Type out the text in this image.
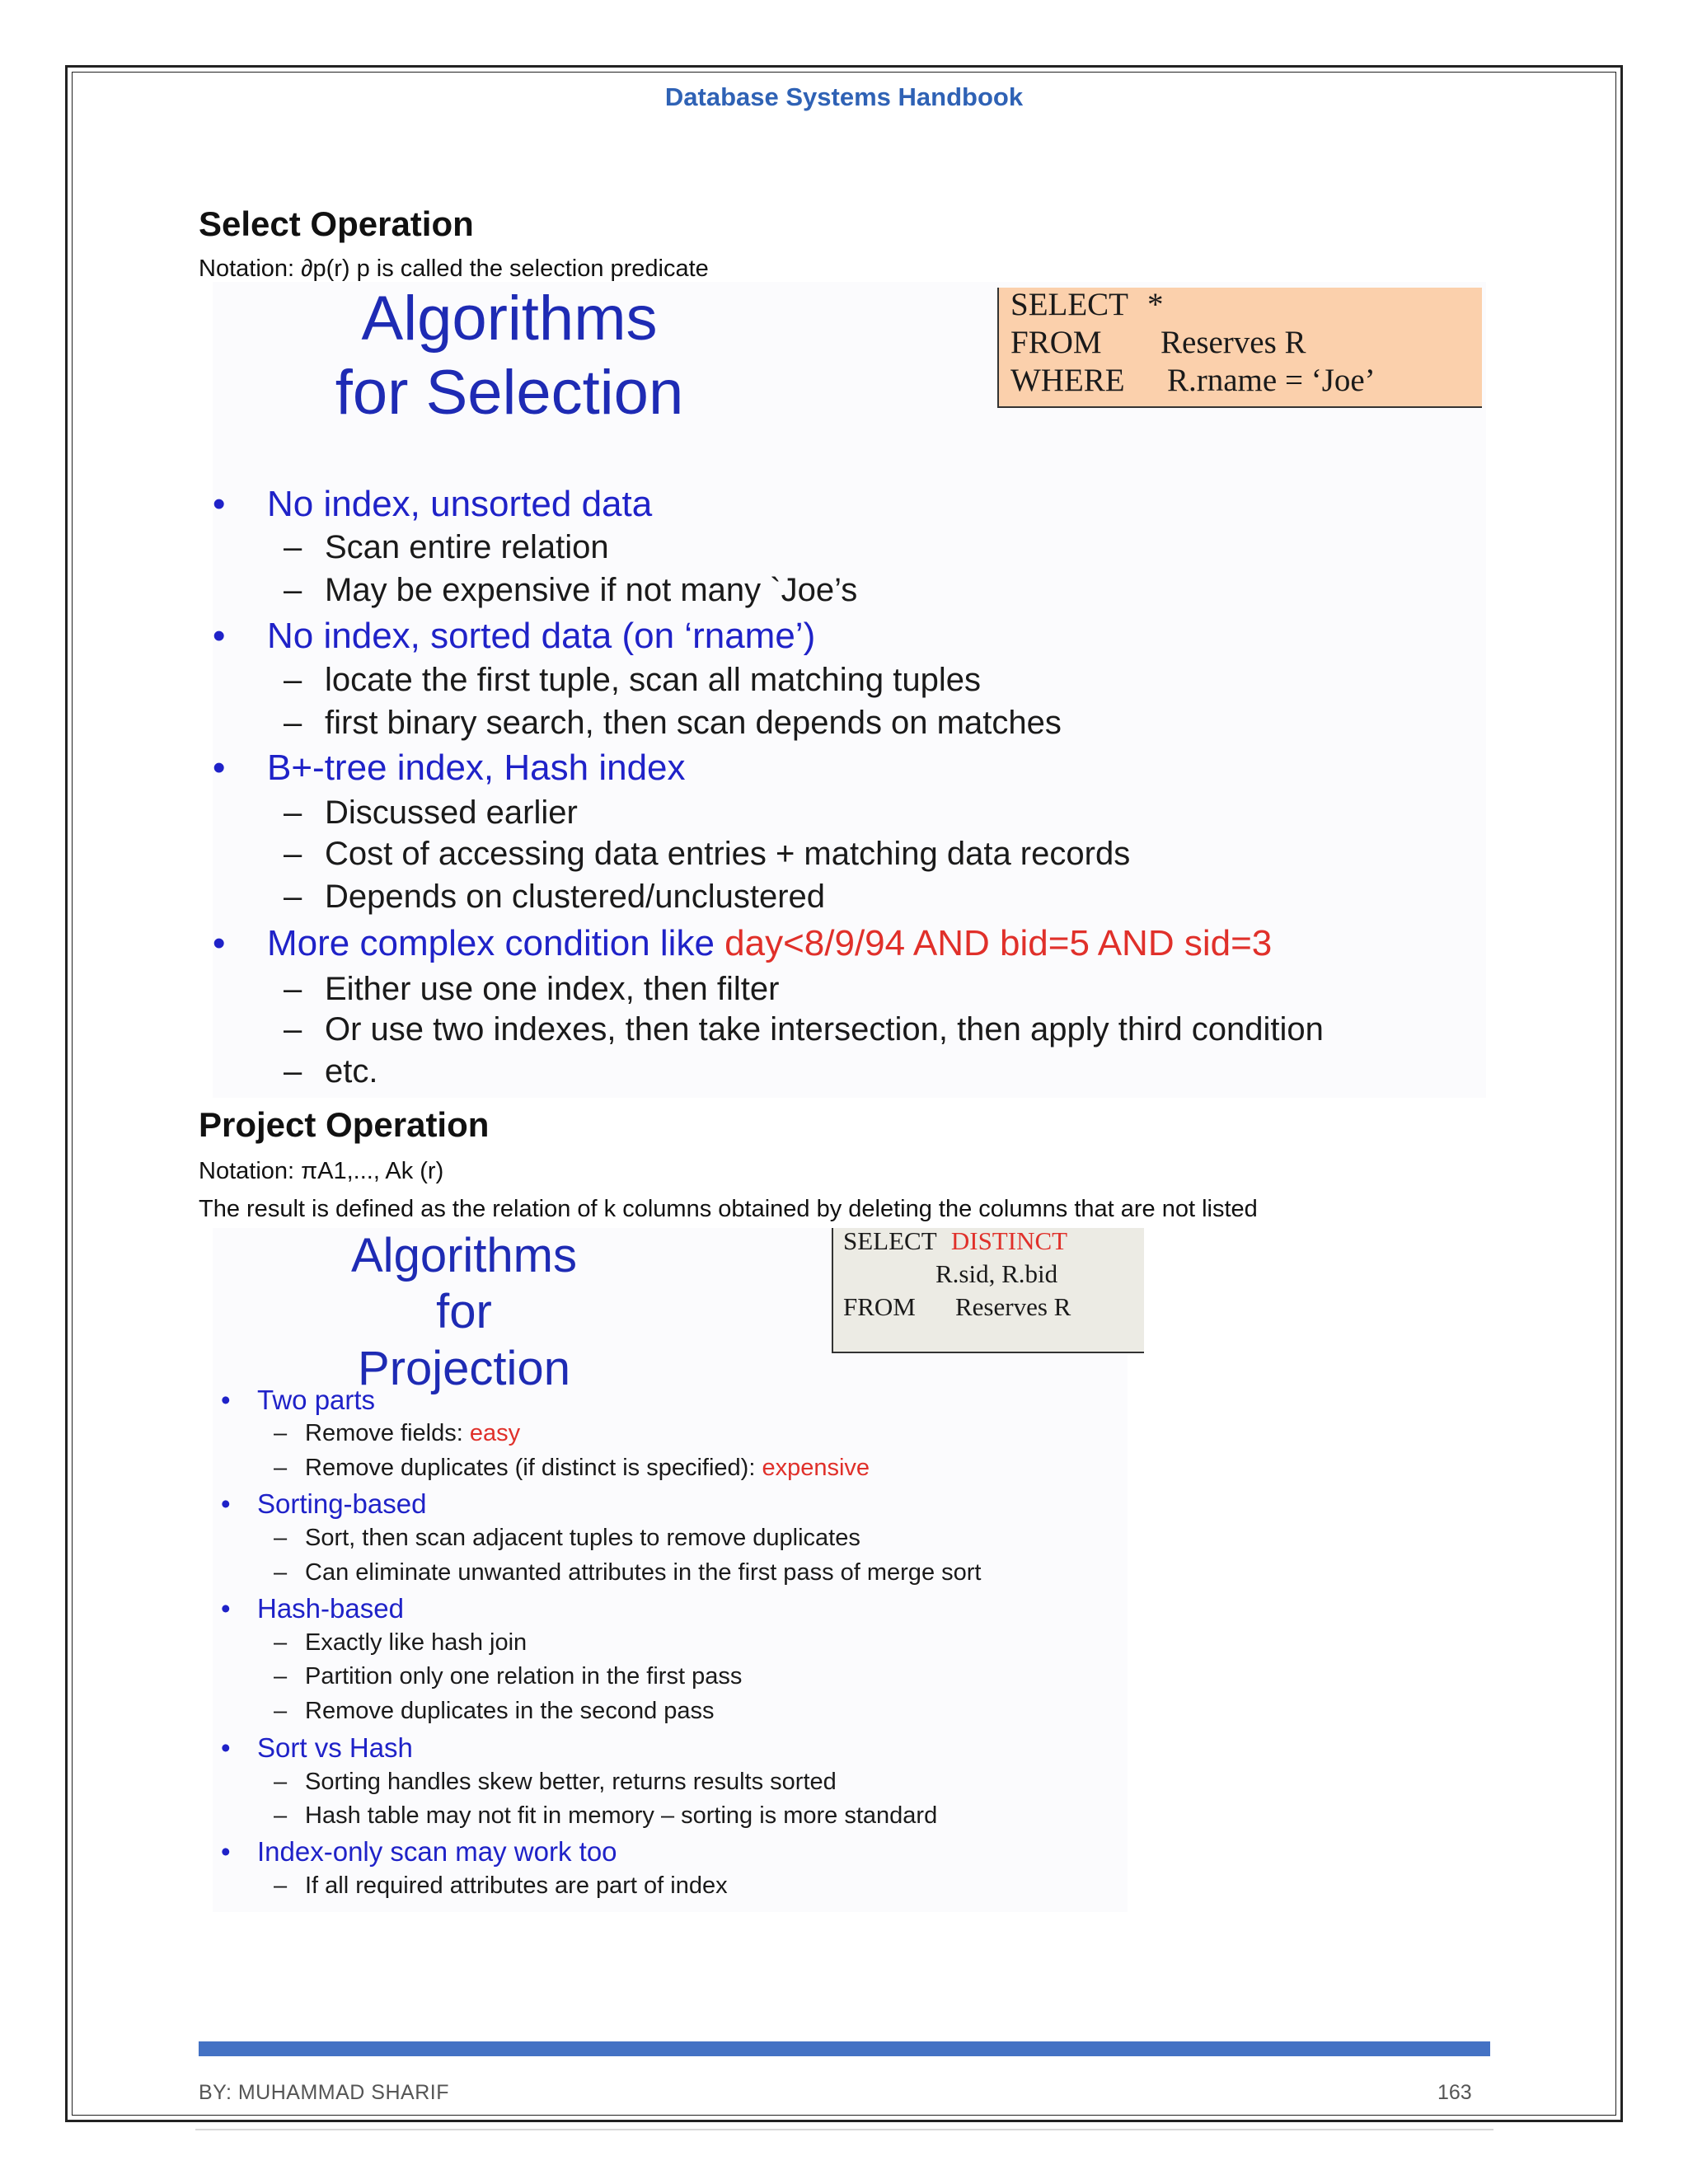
Database Systems Handbook
Select Operation
Notation: ∂p(r) p is called the selection predicate
Algorithms
for Selection
SELECT *
FROM Reserves R
WHERE R.rname = ‘Joe’
• No index, unsorted data
– Scan entire relation
– May be expensive if not many `Joe’s
• No index, sorted data (on ‘rname’)
– locate the first tuple, scan all matching tuples
– first binary search, then scan depends on matches
• B+-tree index, Hash index
– Discussed earlier
– Cost of accessing data entries + matching data records
– Depends on clustered/unclustered
• More complex condition like day<8/9/94 AND bid=5 AND sid=3
– Either use one index, then filter
– Or use two indexes, then take intersection, then apply third condition
– etc.
Project Operation
Notation: πA1,..., Ak (r)
The result is defined as the relation of k columns obtained by deleting the columns that are not listed
Algorithms
for Projection
SELECT DISTINCT
R.sid, R.bid
FROM Reserves R
• Two parts
– Remove fields: easy
– Remove duplicates (if distinct is specified): expensive
• Sorting-based
– Sort, then scan adjacent tuples to remove duplicates
– Can eliminate unwanted attributes in the first pass of merge sort
• Hash-based
– Exactly like hash join
– Partition only one relation in the first pass
– Remove duplicates in the second pass
• Sort vs Hash
– Sorting handles skew better, returns results sorted
– Hash table may not fit in memory – sorting is more standard
• Index-only scan may work too
– If all required attributes are part of index
BY: MUHAMMAD SHARIF	163
